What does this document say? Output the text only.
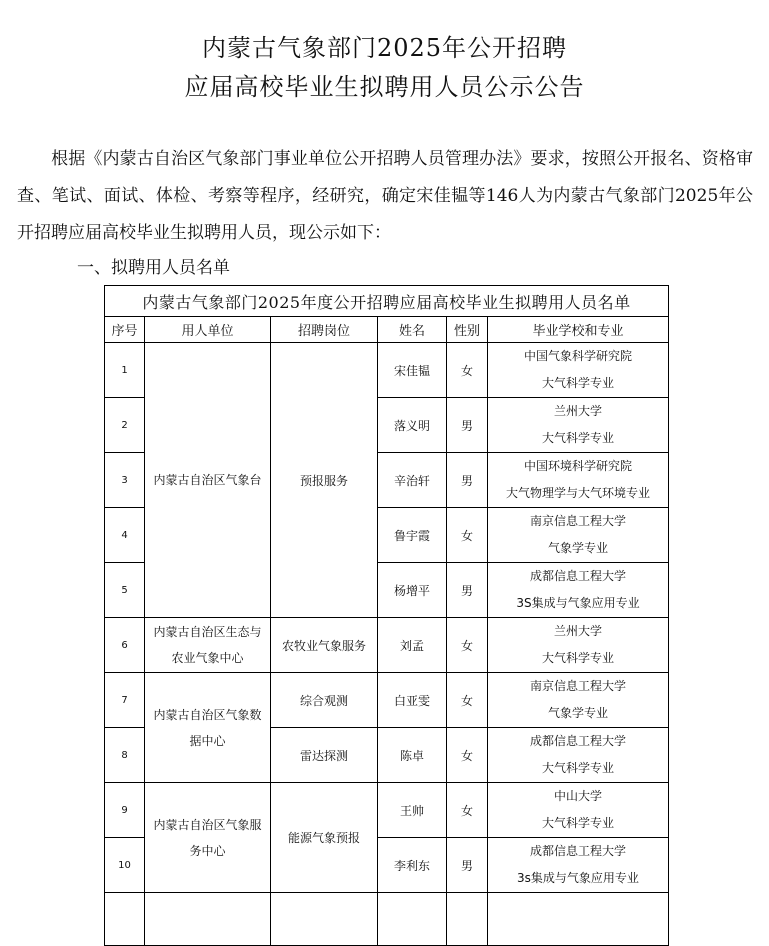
内蒙古气象部门2025年公开招聘
应届高校毕业生拟聘用人员公示公告
根据《内蒙古自治区气象部门事业单位公开招聘人员管理办法》要求，按照公开报名、资格审查、笔试、面试、体检、考察等程序，经研究，确定宋佳韫等146人为内蒙古气象部门2025年公开招聘应届高校毕业生拟聘用人员，现公示如下：
一、拟聘用人员名单
内蒙古气象部门2025年度公开招聘应届高校毕业生拟聘用人员名单					
序号	用人单位	招聘岗位	姓名	性别	毕业学校和专业
1	内蒙古自治区气象台	预报服务	宋佳韫	女	中国气象科学研究院
大气科学专业

2			落义明	男	兰州大学
大气科学专业

3			辛治轩	男	中国环境科学研究院
大气物理学与大气环境专业

4			鲁宇霞	女	南京信息工程大学
气象学专业

5			杨增平	男	成都信息工程大学
3S集成与气象应用专业

6	内蒙古自治区生态与农业气象中心	农牧业气象服务	刘孟	女	兰州大学
大气科学专业

7	内蒙古自治区气象数据中心	综合观测	白亚雯	女	南京信息工程大学
气象学专业

8		雷达探测	陈卓	女	成都信息工程大学
大气科学专业

9	内蒙古自治区气象服务中心	能源气象预报	王帅	女	中山大学
大气科学专业

10			李利东	男	成都信息工程大学
3s集成与气象应用专业
